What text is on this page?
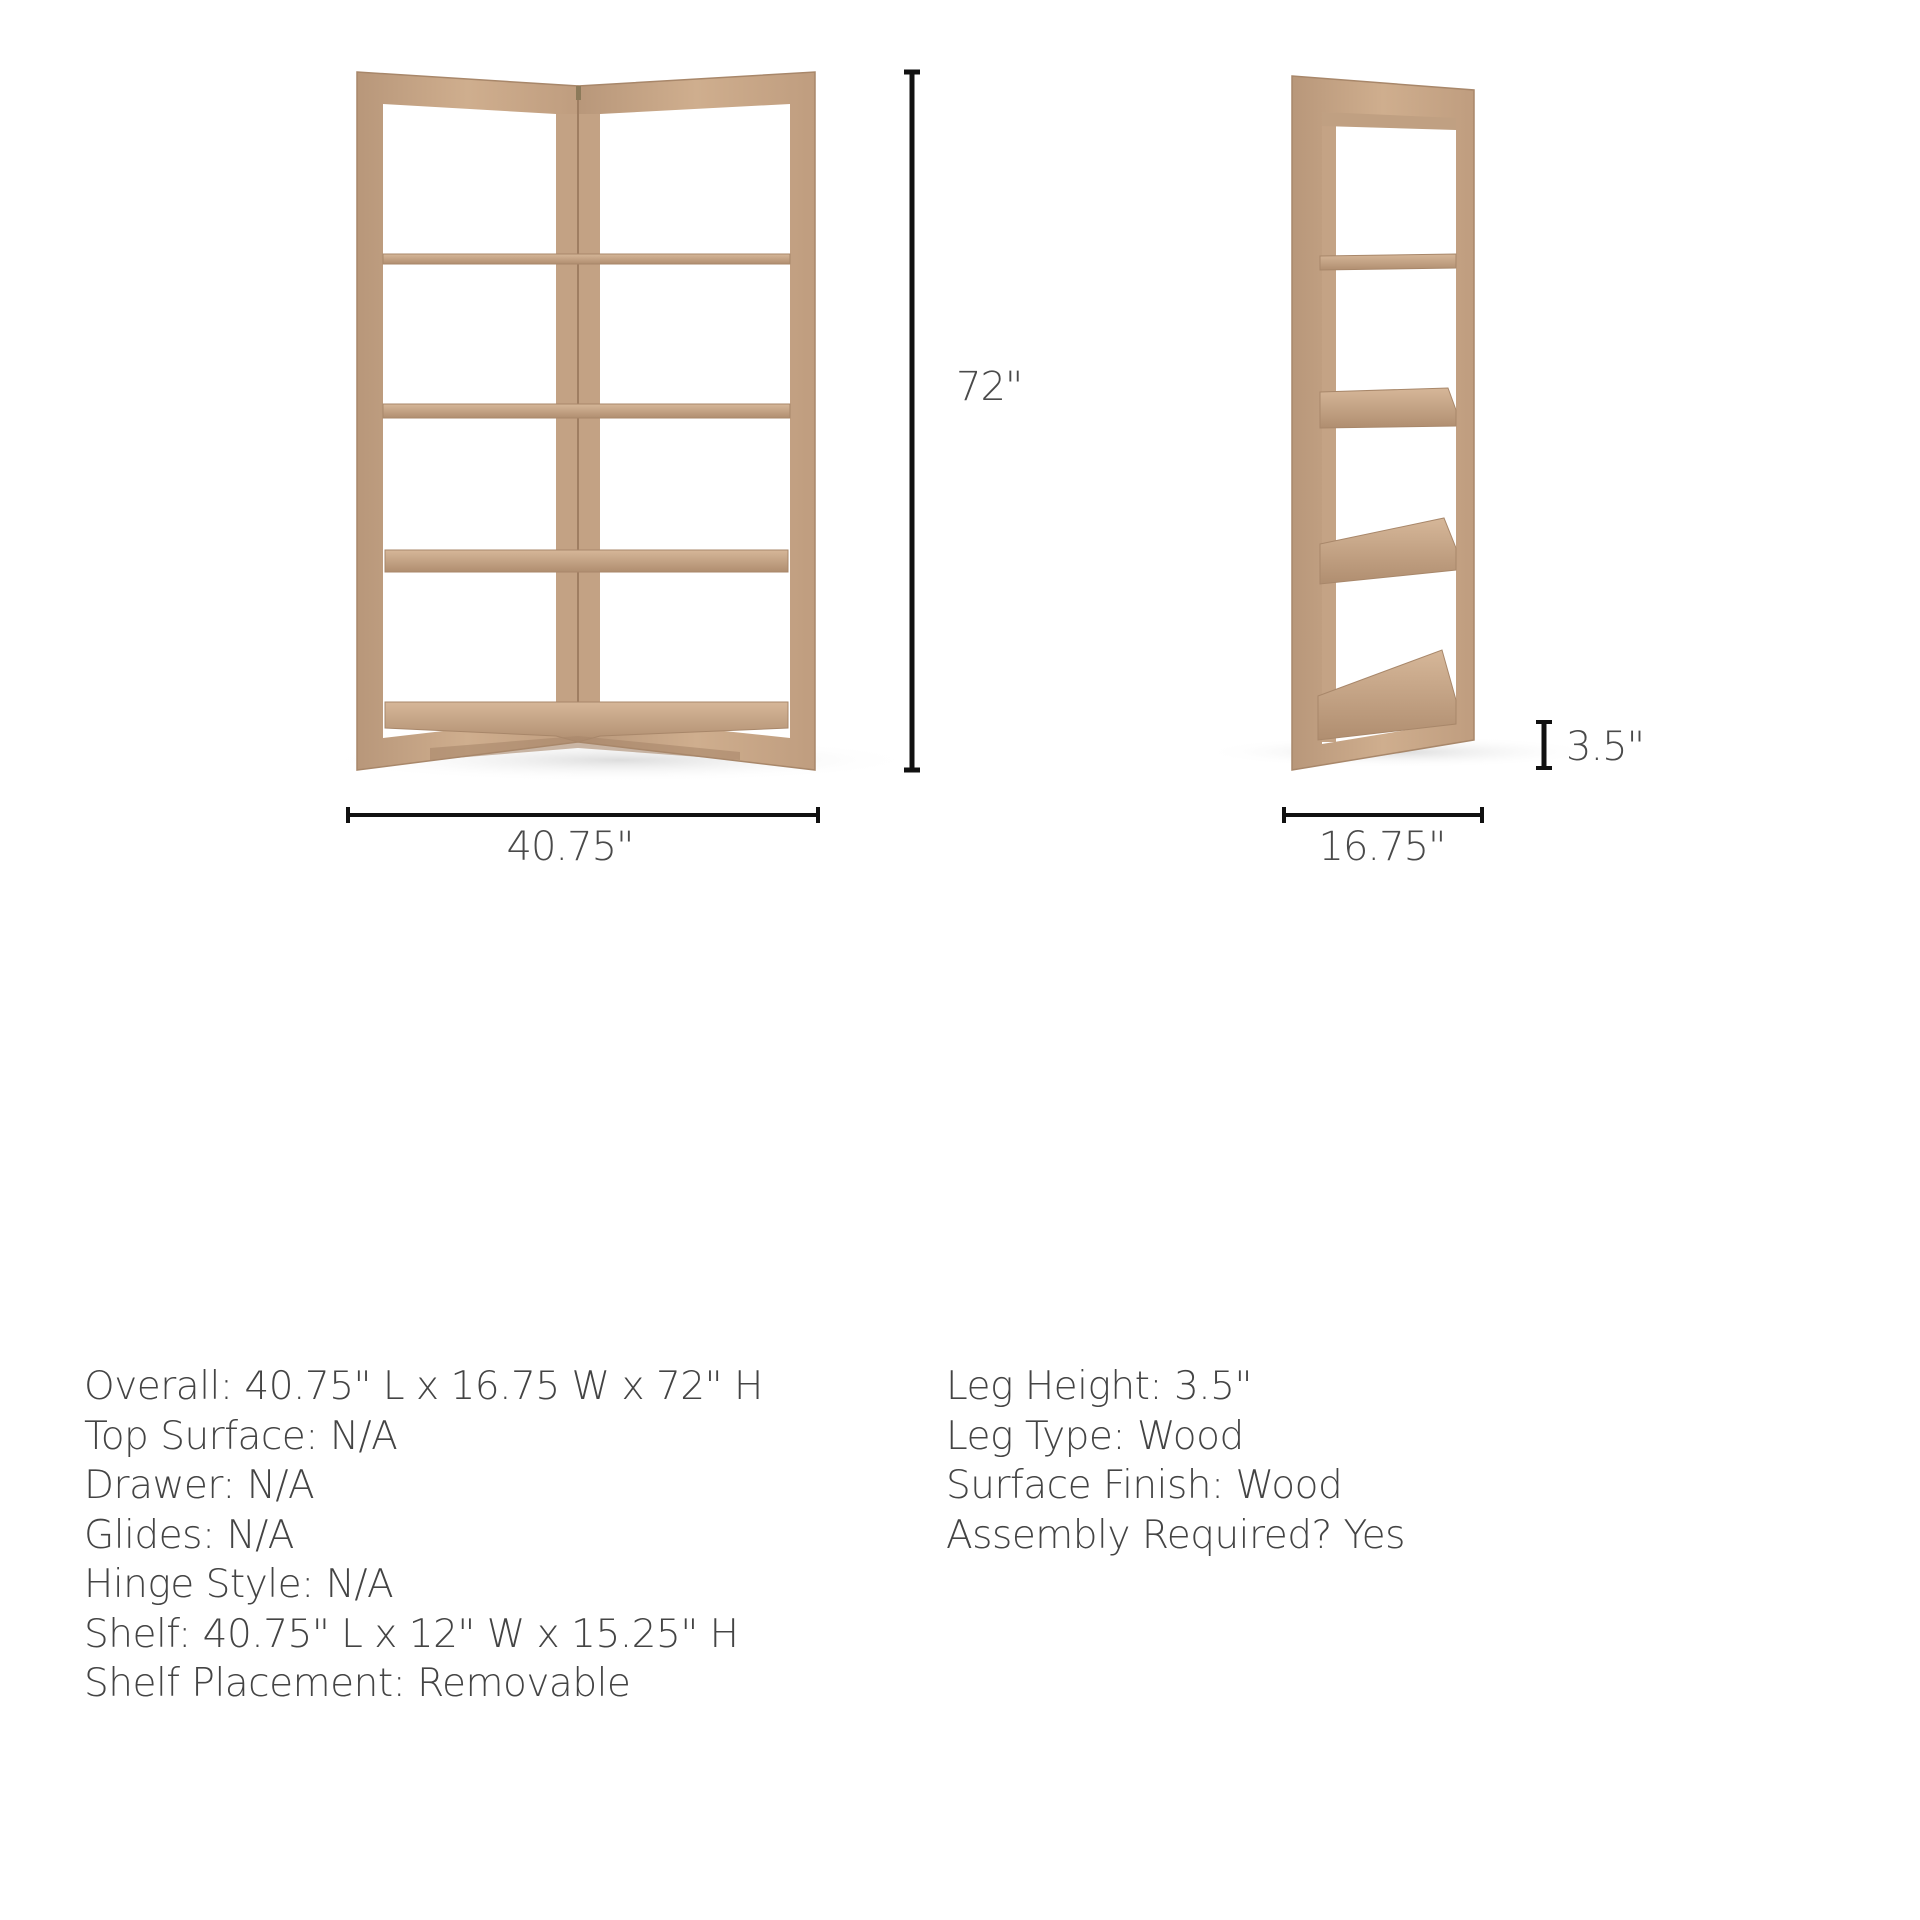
72"
40.75"
3.5"
16.75"
Overall: 40.75" L x 16.75 W x 72" H
Top Surface: N/A
Drawer: N/A
Glides: N/A
Hinge Style: N/A
Shelf: 40.75" L x 12" W x 15.25" H
Shelf Placement: Removable
Leg Height: 3.5"
Leg Type: Wood
Surface Finish: Wood
Assembly Required? Yes
